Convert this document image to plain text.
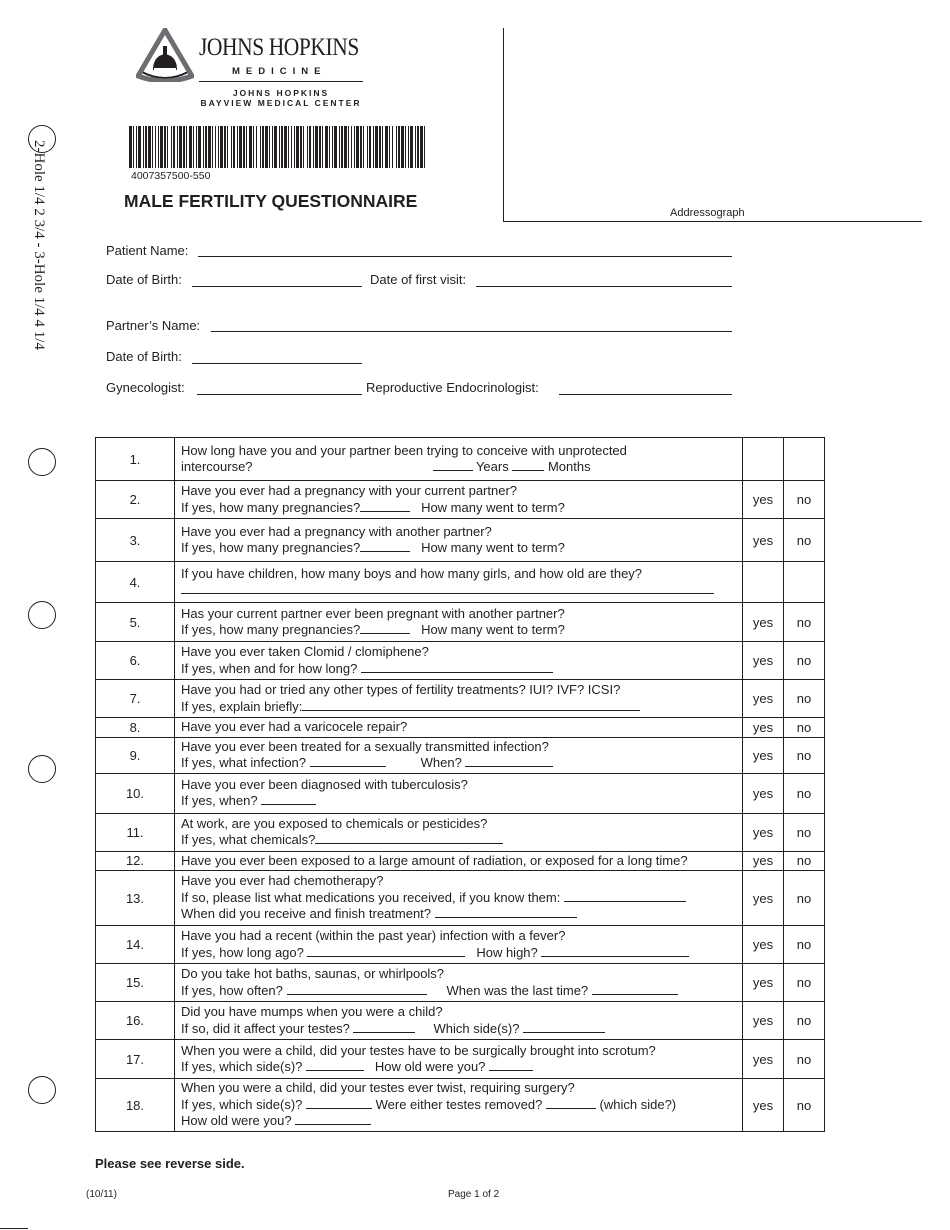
2-Hole 1/4 2 3/4 - 3-Hole 1/4 4 1/4
JOHNS HOPKINS
MEDICINE
JOHNS HOPKINS
BAYVIEW MEDICAL CENTER
4007357500-550
MALE FERTILITY QUESTIONNAIRE
Addressograph
Patient Name:
Date of Birth:	Date of first visit:
Partner’s Name:
Date of Birth:
Gynecologist:	Reproductive Endocrinologist:
1.	How long have you and your partner been trying to conceive with unprotected
intercourse? Years Months		
2.	Have you ever had a pregnancy with your current partner?
If yes, how many pregnancies? How many went to term?	yes	no
3.	Have you ever had a pregnancy with another partner?
If yes, how many pregnancies? How many went to term?	yes	no
4.	If you have children, how many boys and how many girls, and how old are they?

5.	Has your current partner ever been pregnant with another partner?
If yes, how many pregnancies? How many went to term?	yes	no
6.	Have you ever taken Clomid / clomiphene?
If yes, when and for how long?	yes	no
7.	Have you had or tried any other types of fertility treatments? IUI? IVF? ICSI?
If yes, explain briefly:	yes	no
8.	Have you ever had a varicocele repair?	yes	no
9.	Have you ever been treated for a sexually transmitted infection?
If yes, what infection? When?	yes	no
10.	Have you ever been diagnosed with tuberculosis?
If yes, when?	yes	no
11.	At work, are you exposed to chemicals or pesticides?
If yes, what chemicals?	yes	no
12.	Have you ever been exposed to a large amount of radiation, or exposed for a long time?	yes	no
13.	Have you ever had chemotherapy?
If so, please list what medications you received, if you know them:
When did you receive and finish treatment?	yes	no
14.	Have you had a recent (within the past year) infection with a fever?
If yes, how long ago? How high?	yes	no
15.	Do you take hot baths, saunas, or whirlpools?
If yes, how often? When was the last time?	yes	no
16.	Did you have mumps when you were a child?
If so, did it affect your testes? Which side(s)?	yes	no
17.	When you were a child, did your testes have to be surgically brought into scrotum?
If yes, which side(s)? How old were you?	yes	no
18.	When you were a child, did your testes ever twist, requiring surgery?
If yes, which side(s)? Were either testes removed? (which side?)
How old were you?	yes	no
Please see reverse side.
(10/11)	Page 1 of 2
